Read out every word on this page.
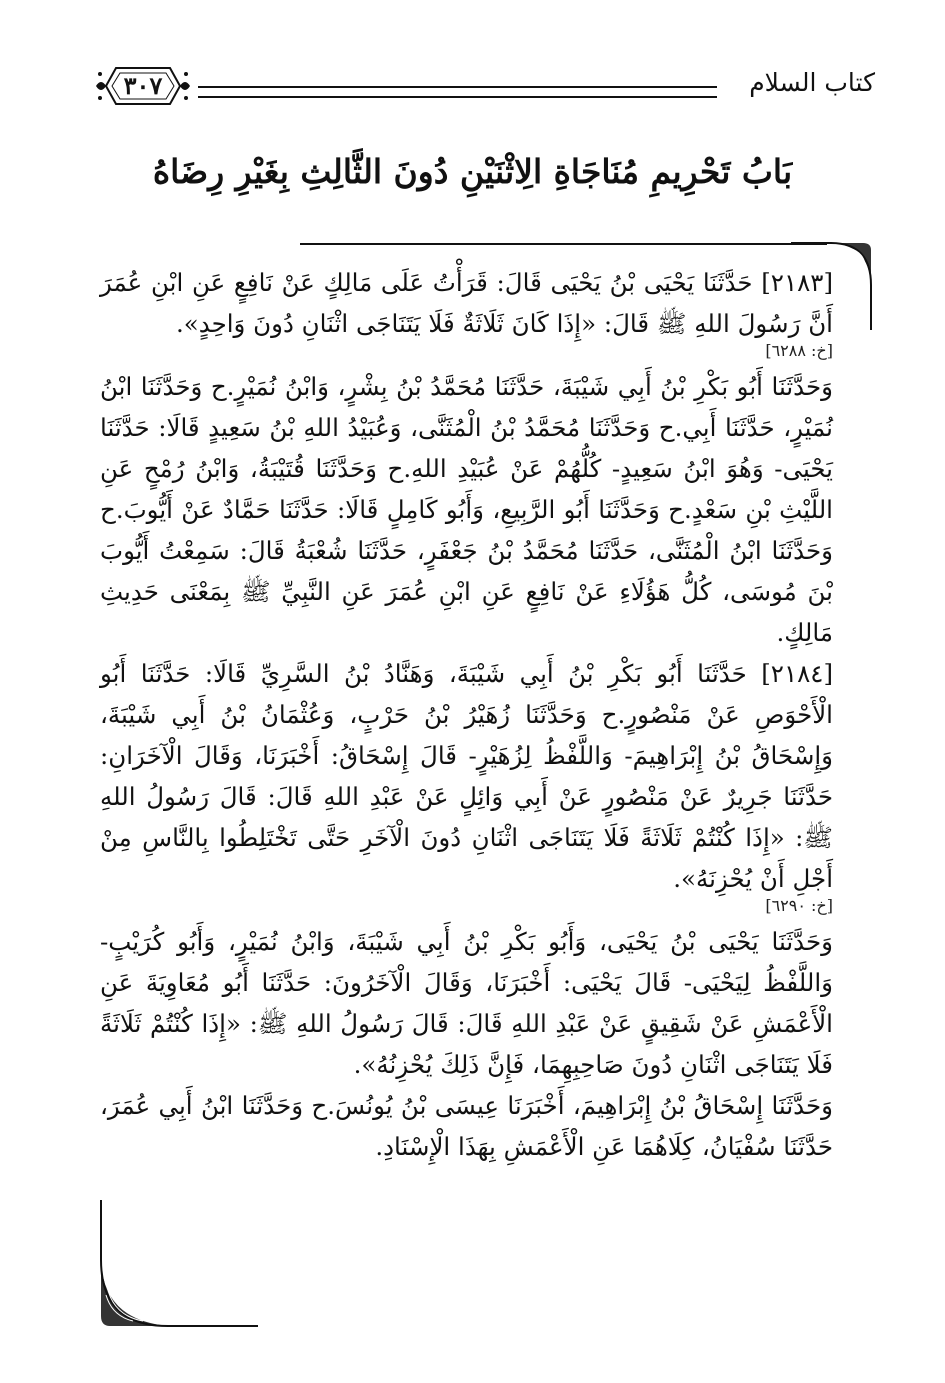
٣٠٧	كتاب السلام
بَابُ تَحْرِيمِ مُنَاجَاةِ الِاثْنَيْنِ دُونَ الثَّالِثِ بِغَيْرِ رِضَاهُ

[٢١٨٣] حَدَّثَنَا يَحْيَى بْنُ يَحْيَى قَالَ: قَرَأْتُ عَلَى مَالِكٍ عَنْ نَافِعٍ عَنِ ابْنِ عُمَرَ أَنَّ رَسُولَ اللهِ ﷺ قَالَ: «إِذَا كَانَ ثَلَاثَةٌ فَلَا يَتَنَاجَى اثْنَانِ دُونَ وَاحِدٍ».

[خ: ٦٢٨٨]

وَحَدَّثَنَا أَبُو بَكْرِ بْنُ أَبِي شَيْبَةَ، حَدَّثَنَا مُحَمَّدُ بْنُ بِشْرٍ، وَابْنُ نُمَيْرٍ.ح وَحَدَّثَنَا ابْنُ نُمَيْرٍ، حَدَّثَنَا أَبِي.ح وَحَدَّثَنَا مُحَمَّدُ بْنُ الْمُثَنَّى، وَعُبَيْدُ اللهِ بْنُ سَعِيدٍ قَالَا: حَدَّثَنَا يَحْيَى- وَهُوَ ابْنُ سَعِيدٍ- كُلُّهُمْ عَنْ عُبَيْدِ اللهِ.ح وَحَدَّثَنَا قُتَيْبَةُ، وَابْنُ رُمْحٍ عَنِ اللَّيْثِ بْنِ سَعْدٍ.ح وَحَدَّثَنَا أَبُو الرَّبِيعِ، وَأَبُو كَامِلٍ قَالَا: حَدَّثَنَا حَمَّادٌ عَنْ أَيُّوبَ.ح وَحَدَّثَنَا ابْنُ الْمُثَنَّى، حَدَّثَنَا مُحَمَّدُ بْنُ جَعْفَرٍ، حَدَّثَنَا شُعْبَةُ قَالَ: سَمِعْتُ أَيُّوبَ بْنَ مُوسَى، كُلُّ هَؤُلَاءِ عَنْ نَافِعٍ عَنِ ابْنِ عُمَرَ عَنِ النَّبِيِّ ﷺ بِمَعْنَى حَدِيثِ مَالِكٍ.

[٢١٨٤] حَدَّثَنَا أَبُو بَكْرِ بْنُ أَبِي شَيْبَةَ، وَهَنَّادُ بْنُ السَّرِيِّ قَالَا: حَدَّثَنَا أَبُو الْأَحْوَصِ عَنْ مَنْصُورٍ.ح وَحَدَّثَنَا زُهَيْرُ بْنُ حَرْبٍ، وَعُثْمَانُ بْنُ أَبِي شَيْبَةَ، وَإِسْحَاقُ بْنُ إِبْرَاهِيمَ- وَاللَّفْظُ لِزُهَيْرٍ- قَالَ إِسْحَاقُ: أَخْبَرَنَا، وَقَالَ الْآخَرَانِ: حَدَّثَنَا جَرِيرٌ عَنْ مَنْصُورٍ عَنْ أَبِي وَائِلٍ عَنْ عَبْدِ اللهِ قَالَ: قَالَ رَسُولُ اللهِ ﷺ: «إِذَا كُنْتُمْ ثَلَاثَةً فَلَا يَتَنَاجَى اثْنَانِ دُونَ الْآخَرِ حَتَّى تَخْتَلِطُوا بِالنَّاسِ مِنْ أَجْلِ أَنْ يُحْزِنَهُ».

[خ: ٦٢٩٠]

وَحَدَّثَنَا يَحْيَى بْنُ يَحْيَى، وَأَبُو بَكْرِ بْنُ أَبِي شَيْبَةَ، وَابْنُ نُمَيْرٍ، وَأَبُو كُرَيْبٍ- وَاللَّفْظُ لِيَحْيَى- قَالَ يَحْيَى: أَخْبَرَنَا، وَقَالَ الْآخَرُونَ: حَدَّثَنَا أَبُو مُعَاوِيَةَ عَنِ الْأَعْمَشِ عَنْ شَقِيقٍ عَنْ عَبْدِ اللهِ قَالَ: قَالَ رَسُولُ اللهِ ﷺ: «إِذَا كُنْتُمْ ثَلَاثَةً فَلَا يَتَنَاجَى اثْنَانِ دُونَ صَاحِبِهِمَا، فَإِنَّ ذَلِكَ يُحْزِنُهُ».

وَحَدَّثَنَا إِسْحَاقُ بْنُ إِبْرَاهِيمَ، أَخْبَرَنَا عِيسَى بْنُ يُونُسَ.ح وَحَدَّثَنَا ابْنُ أَبِي عُمَرَ، حَدَّثَنَا سُفْيَانُ، كِلَاهُمَا عَنِ الْأَعْمَشِ بِهَذَا الْإِسْنَادِ.
